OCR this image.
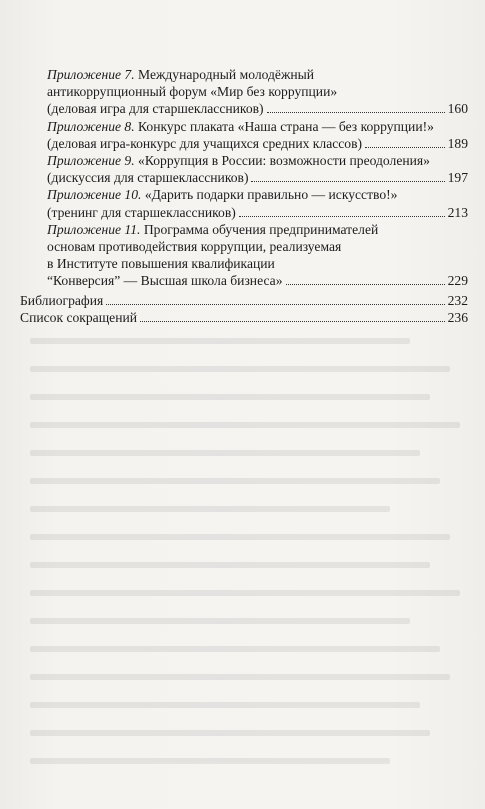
Приложение 7. Международный молодёжный
антикоррупционный форум «Мир без коррупции»
(деловая игра для старшеклассников)	160
Приложение 8. Конкурс плаката «Наша страна — без коррупции!»
(деловая игра-конкурс для учащихся средних классов)	189
Приложение 9. «Коррупция в России: возможности преодоления»
(дискуссия для старшеклассников)	197
Приложение 10. «Дарить подарки правильно — искусство!»
(тренинг для старшеклассников)	213
Приложение 11. Программа обучения предпринимателей
основам противодействия коррупции, реализуемая
в Институте повышения квалификации
“Конверсия” — Высшая школа бизнеса»	229
Библиография	232
Список сокращений	236
